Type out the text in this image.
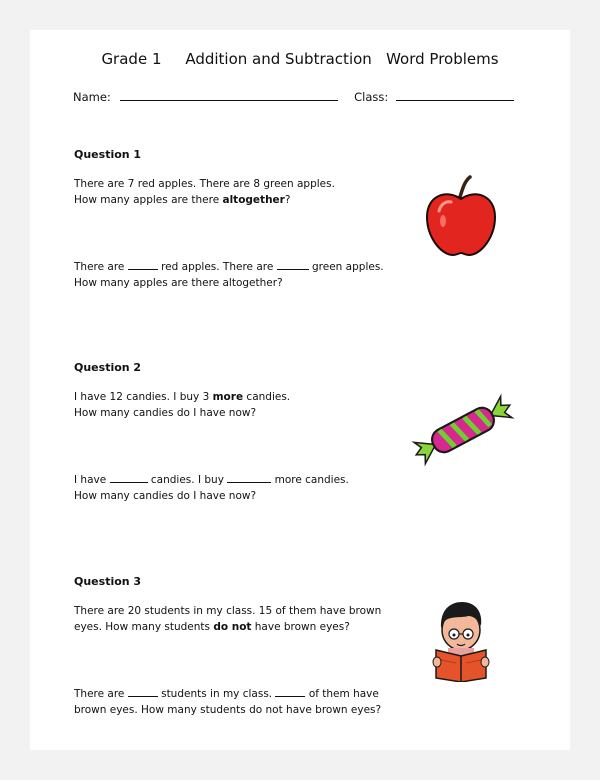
Grade 1     Addition and Subtraction   Word Problems
Name:	Class:
Question 1
There are 7 red apples. There are 8 green apples.
How many apples are there altogether?
There are	red apples. There are	green apples.
How many apples are there altogether?
Question 2
I have 12 candies. I buy 3 more candies.
How many candies do I have now?
I have	candies. I buy	more candies.
How many candies do I have now?
Question 3
There are 20 students in my class. 15 of them have brown
eyes. How many students do not have brown eyes?
There are	students in my class.	of them have
brown eyes. How many students do not have brown eyes?
